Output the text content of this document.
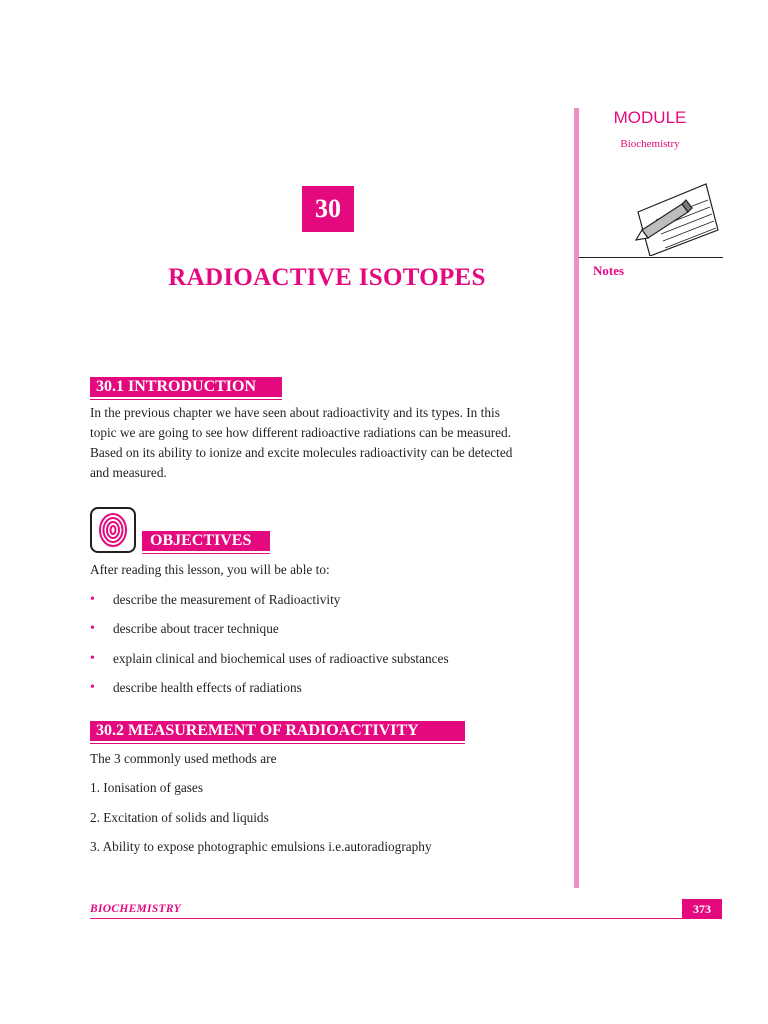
MODULE
Biochemistry
Notes
30
RADIOACTIVE ISOTOPES
30.1 INTRODUCTION
In the previous chapter we have seen about radioactivity and its types. In this
topic we are going to see how different radioactive radiations can be measured.
Based on its ability to ionize and excite molecules radioactivity can be detected
and measured.
OBJECTIVES
After reading this lesson, you will be able to:
• describe the measurement of Radioactivity
• describe about tracer technique
• explain clinical and biochemical uses of radioactive substances
• describe health effects of radiations
30.2 MEASUREMENT OF RADIOACTIVITY
The 3 commonly used methods are
1. Ionisation of gases
2. Excitation of solids and liquids
3. Ability to expose photographic emulsions i.e.autoradiography
BIOCHEMISTRY	373
